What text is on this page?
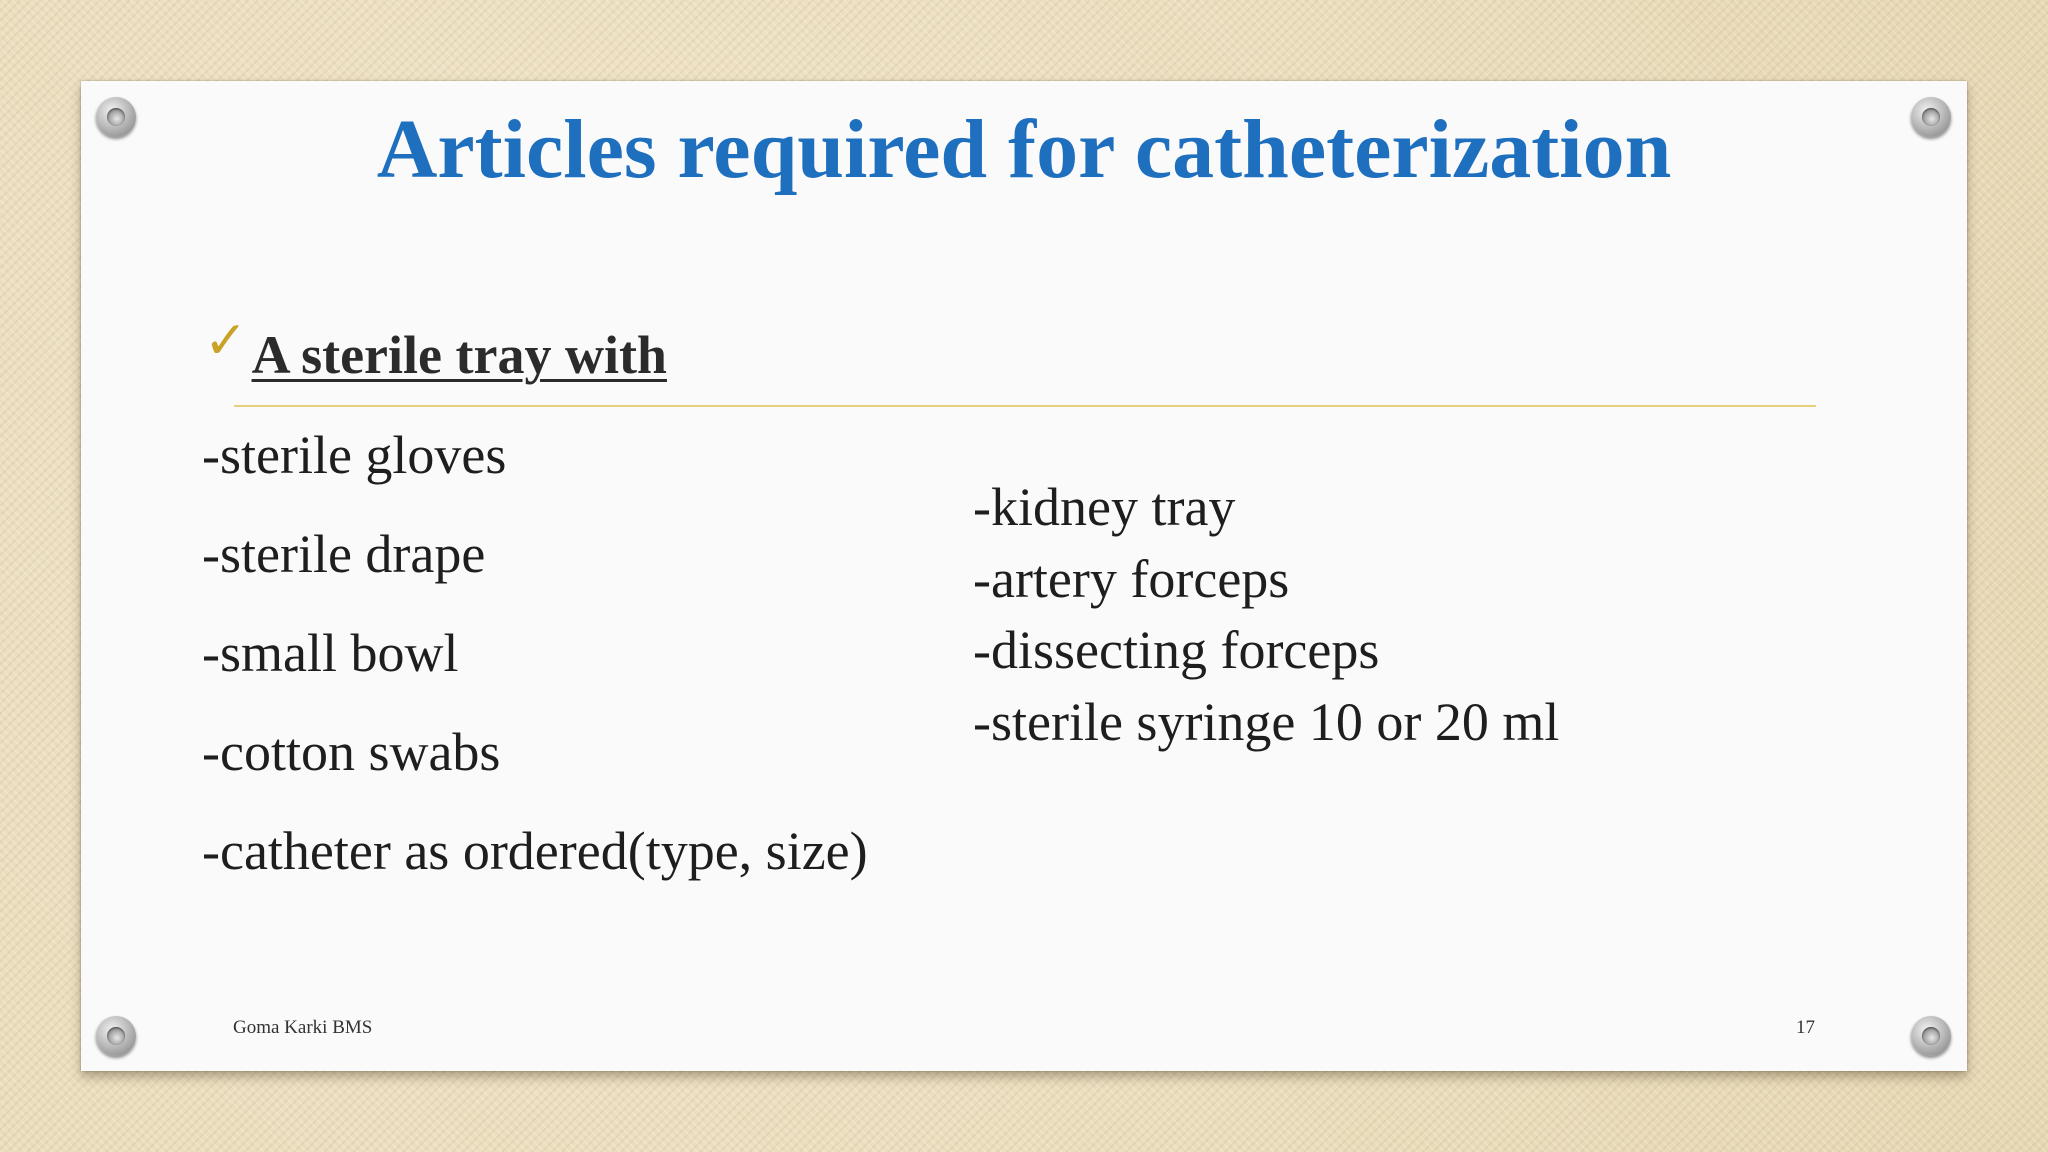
Articles required for catheterization
✓ A sterile tray with
-sterile gloves
-sterile drape
-small bowl
-cotton swabs
-catheter as ordered(type, size)
-kidney tray
-artery forceps
-dissecting forceps
-sterile syringe 10 or 20 ml
Goma Karki BMS	17
